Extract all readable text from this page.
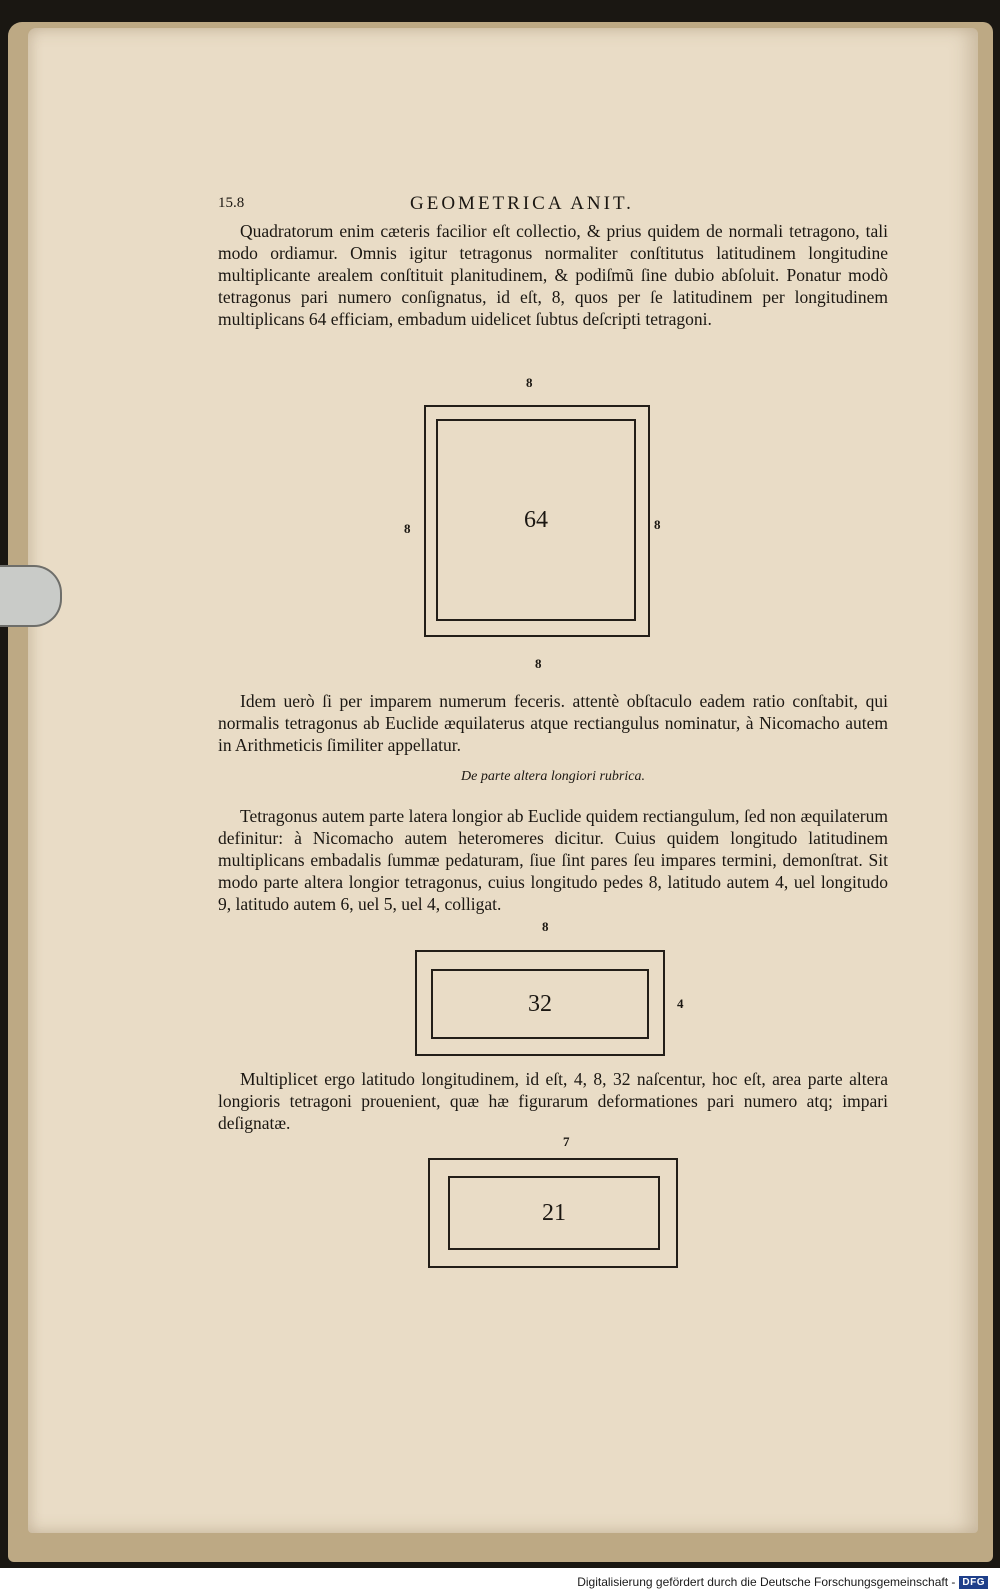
15.8	GEOMETRICA ANIT.
Quadratorum enim cæteris facilior eſt collectio, & prius quidem de normali tetragono, tali modo ordiamur. Omnis igitur tetragonus normaliter conſtitutus latitudinem longitudine multiplicante arealem conſtituit planitudinem, & podiſmũ ſine dubio abſoluit. Ponatur modò tetragonus pari numero conſignatus, id eſt, 8, quos per ſe latitudinem per longitudinem multiplicans 64 efficiam, embadum uidelicet ſubtus deſcripti tetragoni.
8
64
8	8
8
Idem uerò ſi per imparem numerum feceris. attentè obſtaculo eadem ratio conſtabit, qui normalis tetragonus ab Euclide æquilaterus atque rectiangulus nominatur, à Nicomacho autem in Arithmeticis ſimiliter appellatur.
De parte altera longiori rubrica.
Tetragonus autem parte latera longior ab Euclide quidem rectiangulum, ſed non æquilaterum definitur: à Nicomacho autem heteromeres dicitur. Cuius quidem longitudo latitudinem multiplicans embadalis ſummæ pedaturam, ſiue ſint pares ſeu impares termini, demonſtrat. Sit modo parte altera longior tetragonus, cuius longitudo pedes 8, latitudo autem 4, uel longitudo 9, latitudo autem 6, uel 5, uel 4, colligat.
8
32	4
Multiplicet ergo latitudo longitudinem, id eſt, 4, 8, 32 naſcentur, hoc eſt, area parte altera longioris tetragoni prouenient, quæ hæ figurarum deformationes pari numero atq; impari deſignatæ.
7
21
Digitalisierung gefördert durch die Deutsche Forschungsgemeinschaft - DFG
